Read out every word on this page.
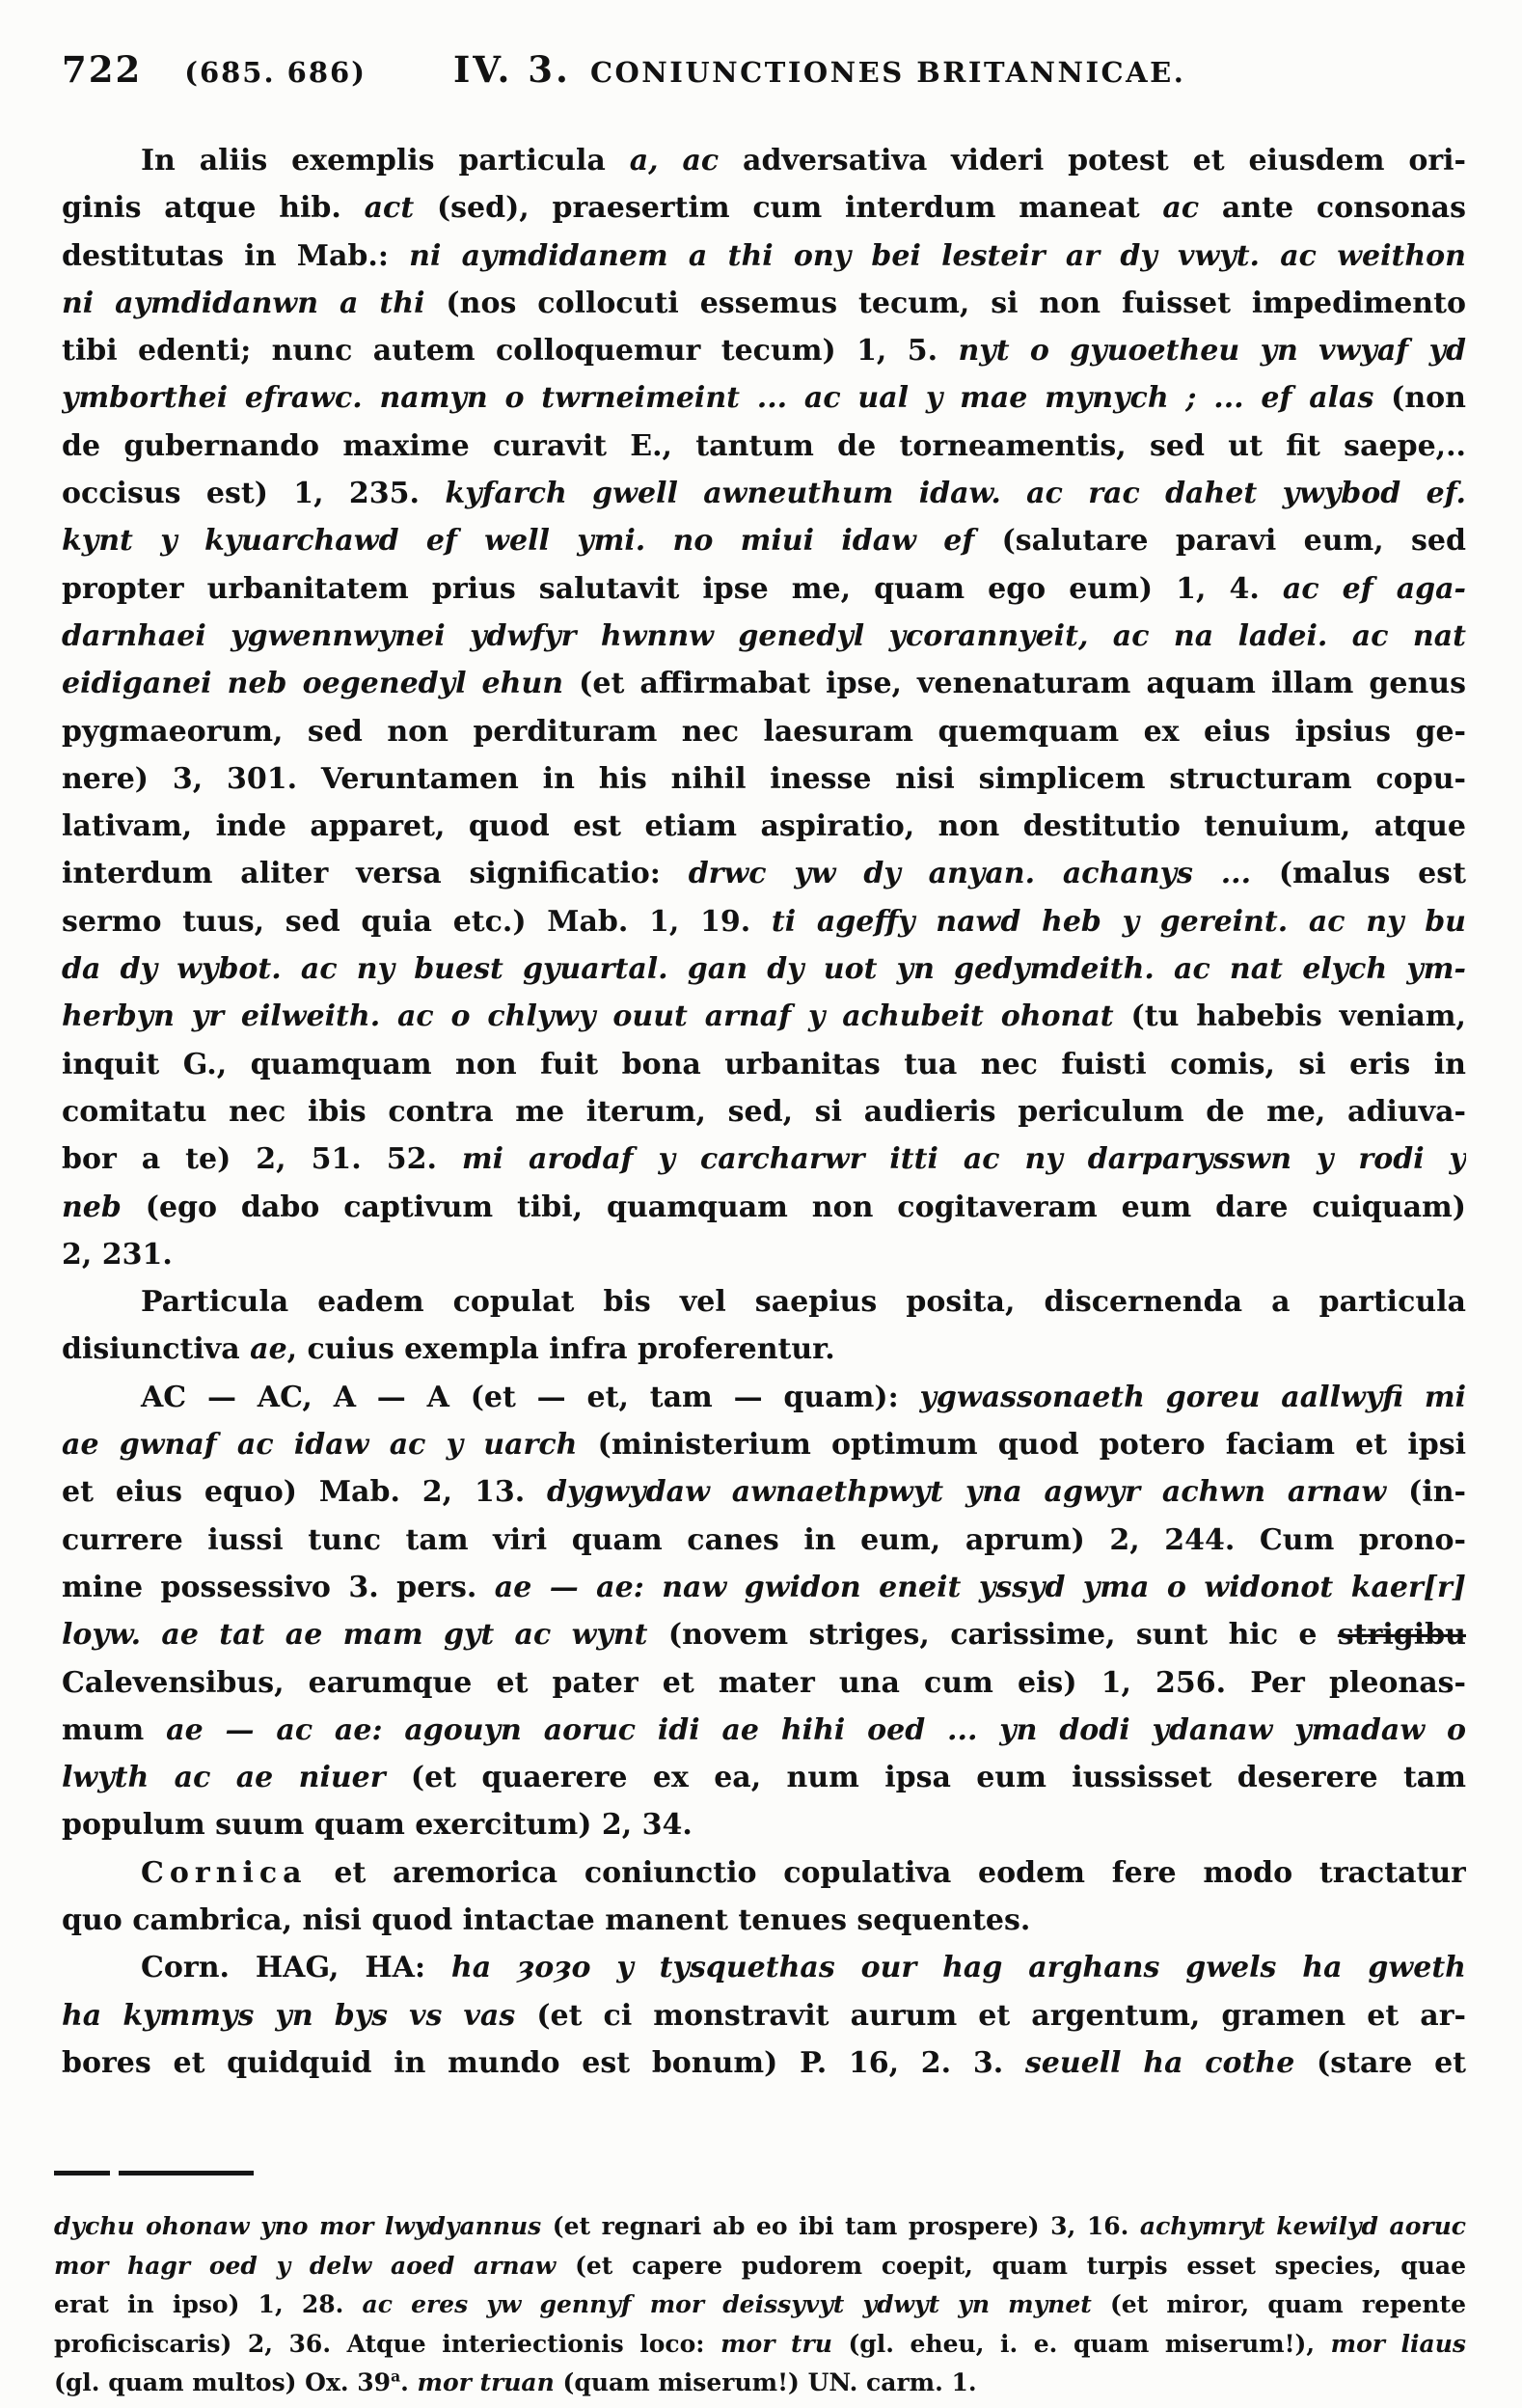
722 (685. 686) IV. 3. CONIUNCTIONES BRITANNICAE.
In aliis exemplis particula a, ac adversativa videri potest et eiusdem ori-
ginis atque hib. act (sed), praesertim cum interdum maneat ac ante consonas
destitutas in Mab.: ni aymdidanem a thi ony bei lesteir ar dy vwyt. ac weithon
ni aymdidanwn a thi (nos collocuti essemus tecum, si non fuisset impedimento
tibi edenti; nunc autem colloquemur tecum) 1, 5. nyt o gyuoetheu yn vwyaf yd
ymborthei efrawc. namyn o twrneimeint ... ac ual y mae mynych ; ... ef alas (non
de gubernando maxime curavit E., tantum de torneamentis, sed ut fit saepe,..
occisus est) 1, 235. kyfarch gwell awneuthum idaw. ac rac dahet ywybod ef.
kynt y kyuarchawd ef well ymi. no miui idaw ef (salutare paravi eum, sed
propter urbanitatem prius salutavit ipse me, quam ego eum) 1, 4. ac ef aga-
darnhaei ygwennwynei ydwfyr hwnnw genedyl ycorannyeit, ac na ladei. ac nat
eidiganei neb oegenedyl ehun (et affirmabat ipse, venenaturam aquam illam genus
pygmaeorum, sed non perdituram nec laesuram quemquam ex eius ipsius ge-
nere) 3, 301. Veruntamen in his nihil inesse nisi simplicem structuram copu-
lativam, inde apparet, quod est etiam aspiratio, non destitutio tenuium, atque
interdum aliter versa significatio: drwc yw dy anyan. achanys ... (malus est
sermo tuus, sed quia etc.) Mab. 1, 19. ti ageffy nawd heb y gereint. ac ny bu
da dy wybot. ac ny buest gyuartal. gan dy uot yn gedymdeith. ac nat elych ym-
herbyn yr eilweith. ac o chlywy ouut arnaf y achubeit ohonat (tu habebis veniam,
inquit G., quamquam non fuit bona urbanitas tua nec fuisti comis, si eris in
comitatu nec ibis contra me iterum, sed, si audieris periculum de me, adiuva-
bor a te) 2, 51. 52. mi arodaf y carcharwr itti ac ny darparysswn y rodi y
neb (ego dabo captivum tibi, quamquam non cogitaveram eum dare cuiquam)
2, 231.
Particula eadem copulat bis vel saepius posita, discernenda a particula
disiunctiva ae, cuius exempla infra proferentur.
AC — AC, A — A (et — et, tam — quam): ygwassonaeth goreu aallwyfi mi
ae gwnaf ac idaw ac y uarch (ministerium optimum quod potero faciam et ipsi
et eius equo) Mab. 2, 13. dygwydaw awnaethpwyt yna agwyr achwn arnaw (in-
currere iussi tunc tam viri quam canes in eum, aprum) 2, 244. Cum prono-
mine possessivo 3. pers. ae — ae: naw gwidon eneit yssyd yma o widonot kaer[r]
loyw. ae tat ae mam gyt ac wynt (novem striges, carissime, sunt hic e strigibu
Calevensibus, earumque et pater et mater una cum eis) 1, 256. Per pleonas-
mum ae — ac ae: agouyn aoruc idi ae hihi oed ... yn dodi ydanaw ymadaw o
lwyth ac ae niuer (et quaerere ex ea, num ipsa eum iussisset deserere tam
populum suum quam exercitum) 2, 34.
Cornica et aremorica coniunctio copulativa eodem fere modo tractatur
quo cambrica, nisi quod intactae manent tenues sequentes.
Corn. HAG, HA: ha ȝoȝo y tysquethas our hag arghans gwels ha gweth
ha kymmys yn bys vs vas (et ci monstravit aurum et argentum, gramen et ar-
bores et quidquid in mundo est bonum) P. 16, 2. 3. seuell ha cothe (stare et
dychu ohonaw yno mor lwydyannus (et regnari ab eo ibi tam prospere) 3, 16. achymryt kewilyd aoruc
mor hagr oed y delw aoed arnaw (et capere pudorem coepit, quam turpis esset species, quae
erat in ipso) 1, 28. ac eres yw gennyf mor deissyvyt ydwyt yn mynet (et miror, quam repente
proficiscaris) 2, 36. Atque interiectionis loco: mor tru (gl. eheu, i. e. quam miserum!), mor liaus
(gl. quam multos) Ox. 39$^a$. mor truan (quam miserum!) UN. carm. 1.
